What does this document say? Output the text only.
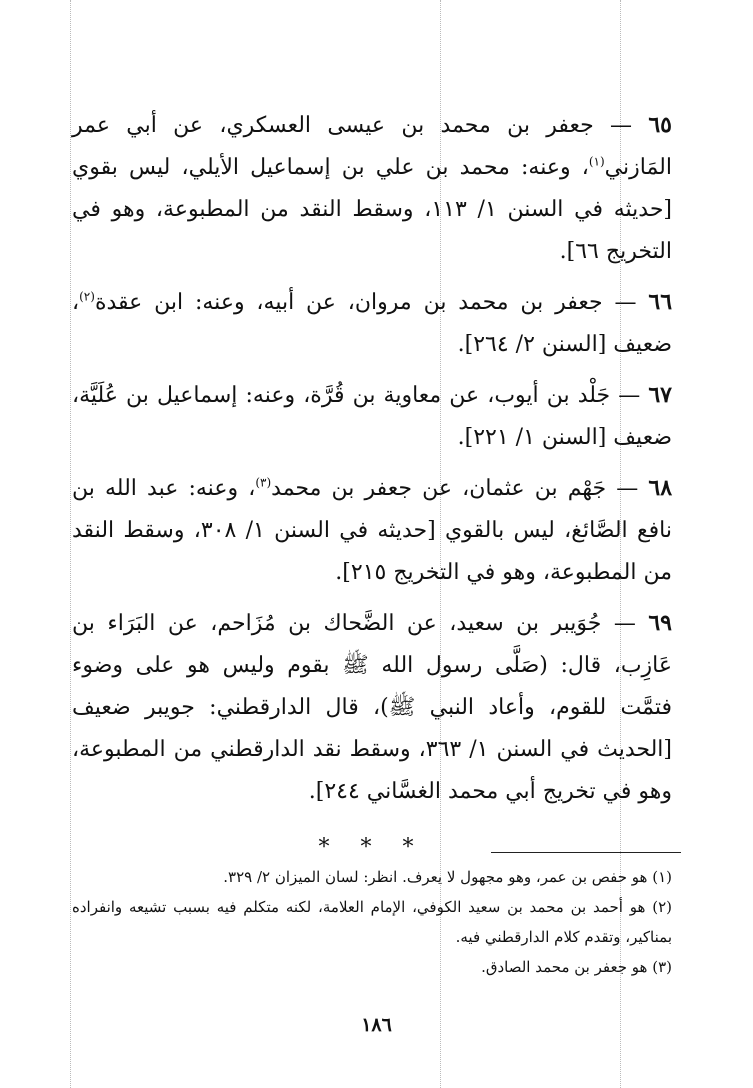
٦٥ — جعفر بن محمد بن عيسى العسكري، عن أبي عمر المَازني$^{(١)}$، وعنه: محمد بن علي بن إسماعيل الأيلي، ليس بقوي [حديثه في السنن ١/ ١١٣، وسقط النقد من المطبوعة، وهو في التخريج ٦٦].

٦٦ — جعفر بن محمد بن مروان، عن أبيه، وعنه: ابن عقدة$^{(٢)}$، ضعيف [السنن ٢/ ٢٦٤].

٦٧ — جَلْد بن أيوب، عن معاوية بن قُرَّة، وعنه: إسماعيل بن عُلَيَّة، ضعيف [السنن ١/ ٢٢١].

٦٨ — جَهْم بن عثمان، عن جعفر بن محمد$^{(٣)}$، وعنه: عبد الله بن نافع الصَّائغ، ليس بالقوي [حديثه في السنن ١/ ٣٠٨، وسقط النقد من المطبوعة، وهو في التخريج ٢١٥].

٦٩ — جُوَيبر بن سعيد، عن الضَّحاك بن مُزَاحم، عن البَرَاء بن عَازِب، قال: (صَلَّى رسول الله ﷺ بقوم وليس هو على وضوء فتمَّت للقوم، وأعاد النبي ﷺ)، قال الدارقطني: جويبر ضعيف [الحديث في السنن ١/ ٣٦٣، وسقط نقد الدارقطني من المطبوعة، وهو في تخريج أبي محمد الغسَّاني ٢٤٤].

* * *

(١) هو حفص بن عمر، وهو مجهول لا يعرف. انظر: لسان الميزان ٢/ ٣٢٩.

(٢) هو أحمد بن محمد بن سعيد الكوفي، الإمام العلامة، لكنه متكلم فيه بسبب تشيعه وانفراده بمناكير، وتقدم كلام الدارقطني فيه.

(٣) هو جعفر بن محمد الصادق.

١٨٦
